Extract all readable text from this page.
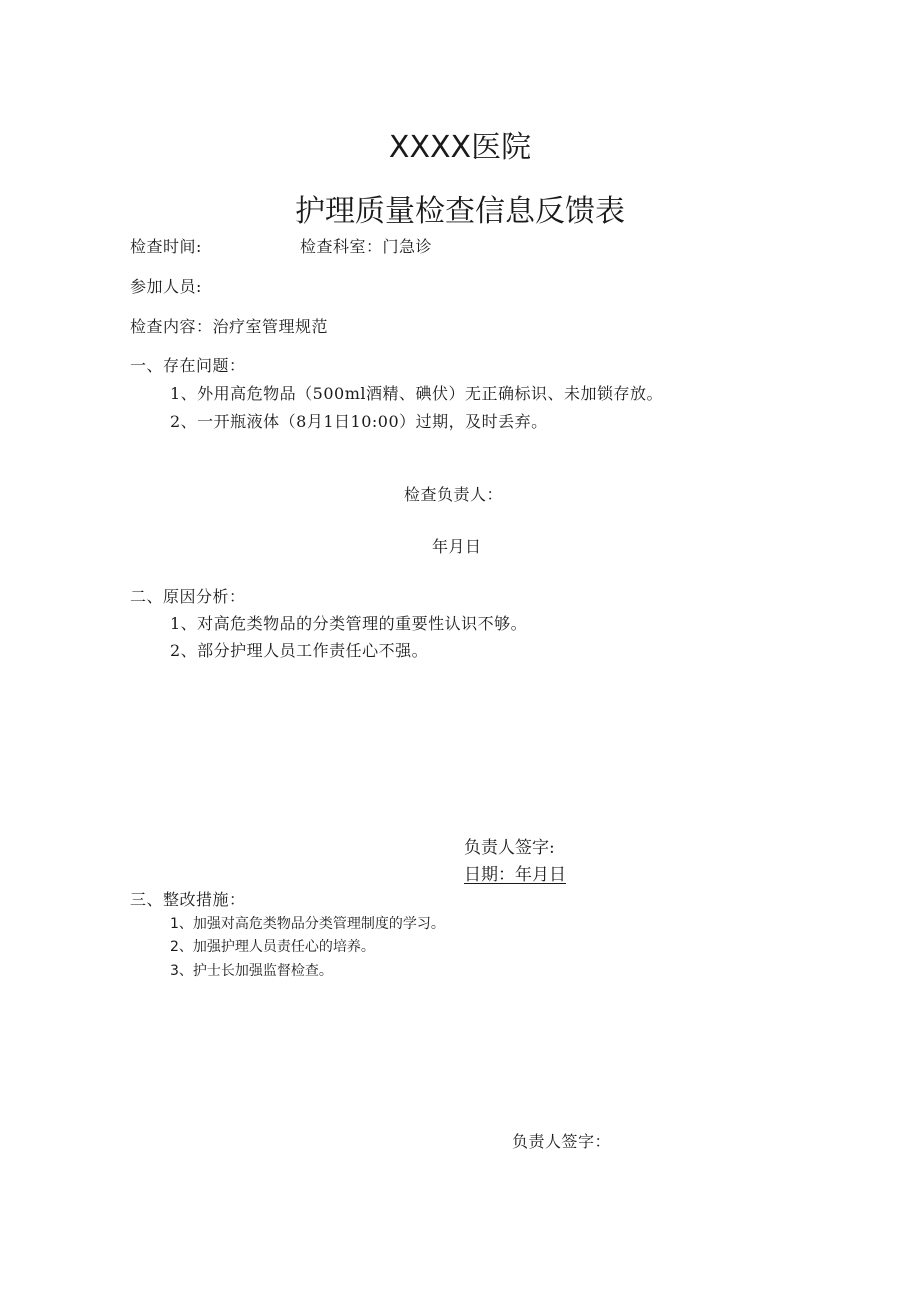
XXXX医院
护理质量检查信息反馈表
检查时间:	检查科室：门急诊
参加人员:
检查内容：治疗室管理规范
一、存在问题：
1、外用高危物品（500ml酒精、碘伏）无正确标识、未加锁存放。
2、一开瓶液体（8月1日10:00）过期，及时丢弃。
检查负责人：
年月日
二、原因分析：
1、对高危类物品的分类管理的重要性认识不够。
2、部分护理人员工作责任心不强。
负责人签字:
日期：年月日
三、整改措施：
1、加强对高危类物品分类管理制度的学习。
2、加强护理人员责任心的培养。
3、护士长加强监督检查。
负责人签字：
